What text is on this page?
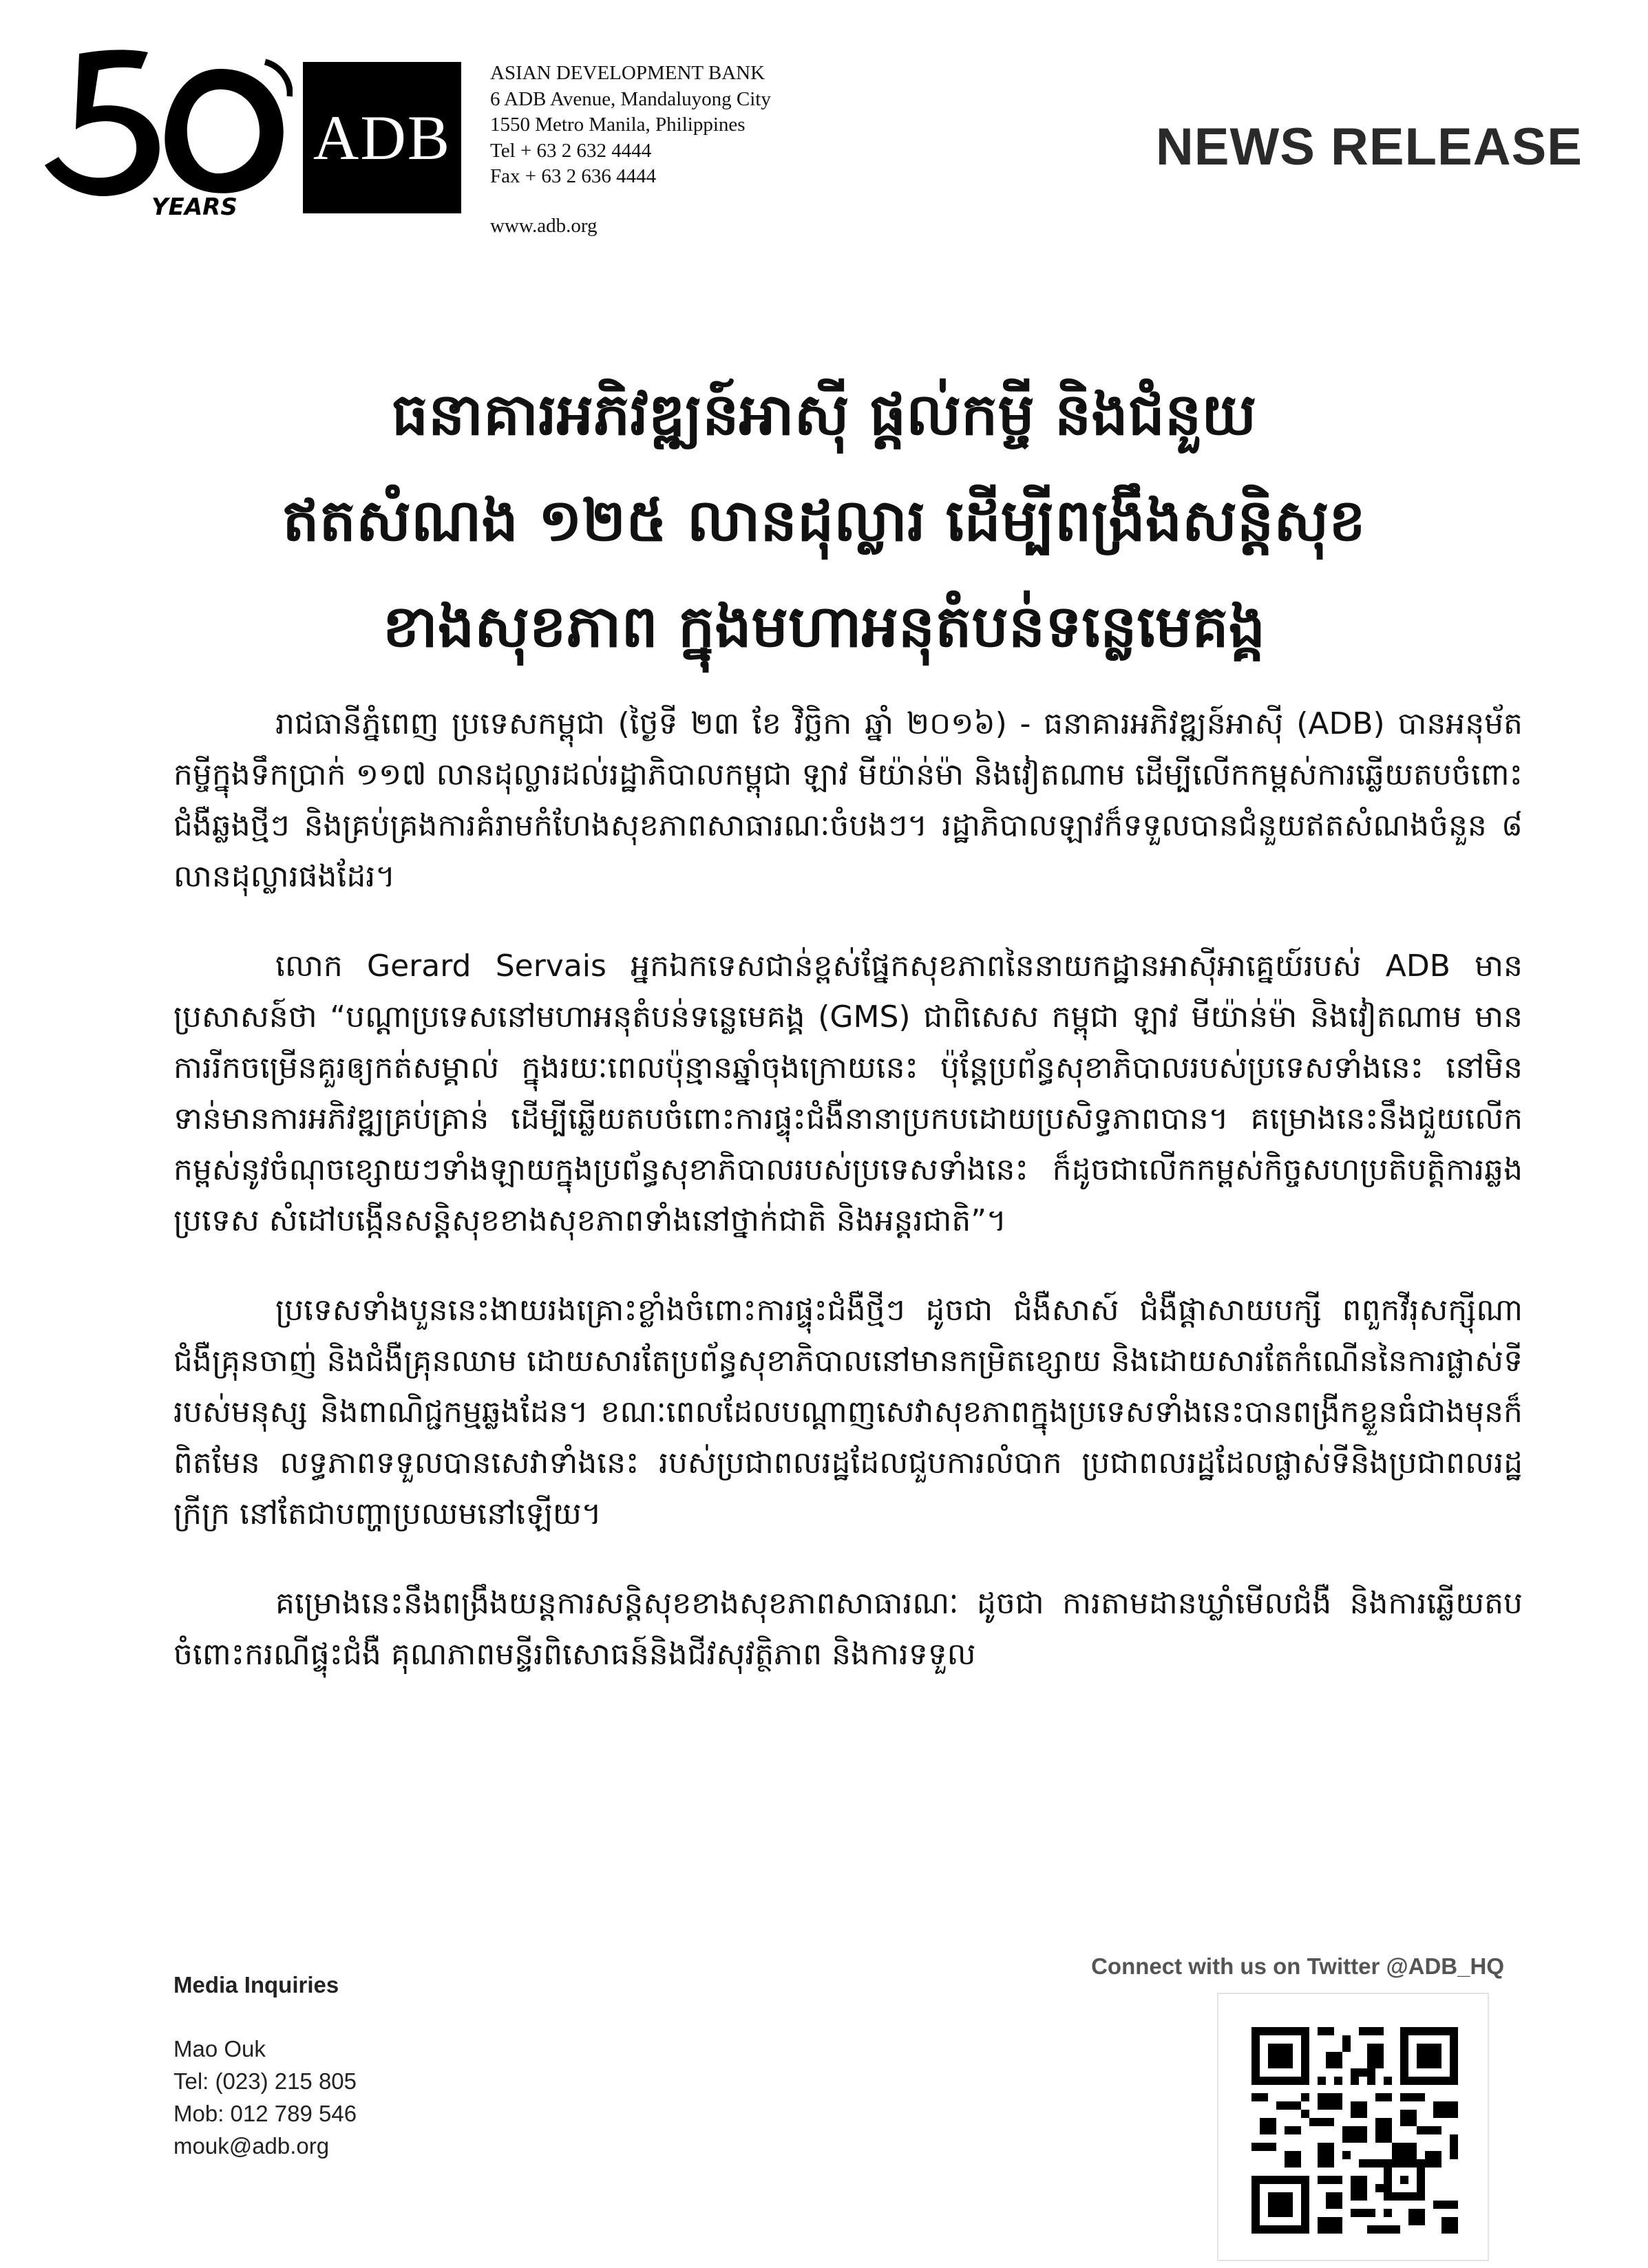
YEARS
ADB
ASIAN DEVELOPMENT BANK
6 ADB Avenue, Mandaluyong City
1550 Metro Manila, Philippines
Tel + 63 2 632 4444
Fax + 63 2 636 4444
www.adb.org
NEWS RELEASE
ធនាគារអភិវឌ្ឍន៍អាស៊ី ផ្តល់កម្ចី និងជំនួយ
ឥតសំណង ១២៥ លានដុល្លារ ដើម្បីពង្រឹងសន្តិសុខ
ខាងសុខភាព ក្នុងមហាអនុតំបន់ទន្លេមេគង្គ

រាជធានីភ្នំពេញ ប្រទេសកម្ពុជា (ថ្ងៃទី ២៣ ខែ វិច្ឆិកា ឆ្នាំ ២០១៦) - ធនាគារអភិវឌ្ឍន៍អាស៊ី (ADB) បានអនុម័តកម្ចីក្នុងទឹកប្រាក់ ១១៧ លានដុល្លារដល់រដ្ឋាភិបាលកម្ពុជា ឡាវ មីយ៉ាន់ម៉ា និងវៀតណាម ដើម្បីលើកកម្ពស់ការឆ្លើយតបចំពោះជំងឺឆ្លងថ្មីៗ និងគ្រប់គ្រងការគំរាមកំហែងសុខភាពសាធារណៈចំបងៗ។ រដ្ឋាភិបាលឡាវក៏ទទួលបានជំនួយឥតសំណងចំនួន ៨ លានដុល្លារផងដែរ។

លោក Gerard Servais អ្នកឯកទេសជាន់ខ្ពស់ផ្នែកសុខភាពនៃនាយកដ្ឋានអាស៊ីអាគ្នេយ៍របស់ ADB មានប្រសាសន៍ថា “បណ្តាប្រទេសនៅមហាអនុតំបន់ទន្លេមេគង្គ (GMS) ជាពិសេស កម្ពុជា ឡាវ មីយ៉ាន់ម៉ា និងវៀតណាម មានការរីកចម្រើនគួរឲ្យកត់សម្គាល់ ក្នុងរយៈពេលប៉ុន្មានឆ្នាំចុងក្រោយនេះ ប៉ុន្តែប្រព័ន្ធសុខាភិបាលរបស់ប្រទេសទាំងនេះ នៅមិនទាន់មានការអភិវឌ្ឍគ្រប់គ្រាន់ ដើម្បីឆ្លើយតបចំពោះការផ្ទុះជំងឺនានាប្រកបដោយប្រសិទ្ធភាពបាន។ គម្រោងនេះនឹងជួយលើកកម្ពស់នូវចំណុចខ្សោយៗទាំងឡាយក្នុងប្រព័ន្ធសុខាភិបាលរបស់ប្រទេសទាំងនេះ ក៏ដូចជាលើកកម្ពស់កិច្ចសហប្រតិបត្តិការឆ្លងប្រទេស សំដៅបង្កើនសន្តិសុខខាងសុខភាពទាំងនៅថ្នាក់ជាតិ និងអន្តរជាតិ”។

ប្រទេសទាំងបួននេះងាយរងគ្រោះខ្លាំងចំពោះការផ្ទុះជំងឺថ្មីៗ ដូចជា ជំងឺសាស៍ ជំងឺផ្តាសាយបក្សី ពពួកវីរុសក្ស៊ីណា ជំងឺគ្រុនចាញ់ និងជំងឺគ្រុនឈាម ដោយសារតែប្រព័ន្ធសុខាភិបាលនៅមានកម្រិតខ្សោយ និងដោយសារតែកំណើននៃការផ្លាស់ទីរបស់មនុស្ស និងពាណិជ្ជកម្មឆ្លងដែន។ ខណៈពេលដែលបណ្តាញសេវាសុខភាពក្នុងប្រទេសទាំងនេះបានពង្រីកខ្លួនធំជាងមុនក៏ពិតមែន លទ្ធភាពទទួលបានសេវាទាំងនេះ របស់ប្រជាពលរដ្ឋដែលជួបការលំបាក ប្រជាពលរដ្ឋដែលផ្លាស់ទីនិងប្រជាពលរដ្ឋក្រីក្រ នៅតែជាបញ្ហាប្រឈមនៅឡើយ។

គម្រោងនេះនឹងពង្រឹងយន្តការសន្តិសុខខាងសុខភាពសាធារណៈ ដូចជា ការតាមដានឃ្លាំមើលជំងឺ និងការឆ្លើយតបចំពោះករណីផ្ទុះជំងឺ គុណភាពមន្ទីរពិសោធន៍និងជីវសុវត្ថិភាព និងការទទួល

Media Inquiries
Mao Ouk
Tel: (023) 215 805
Mob: 012 789 546
mouk@adb.org
Connect with us on Twitter @ADB_HQ
